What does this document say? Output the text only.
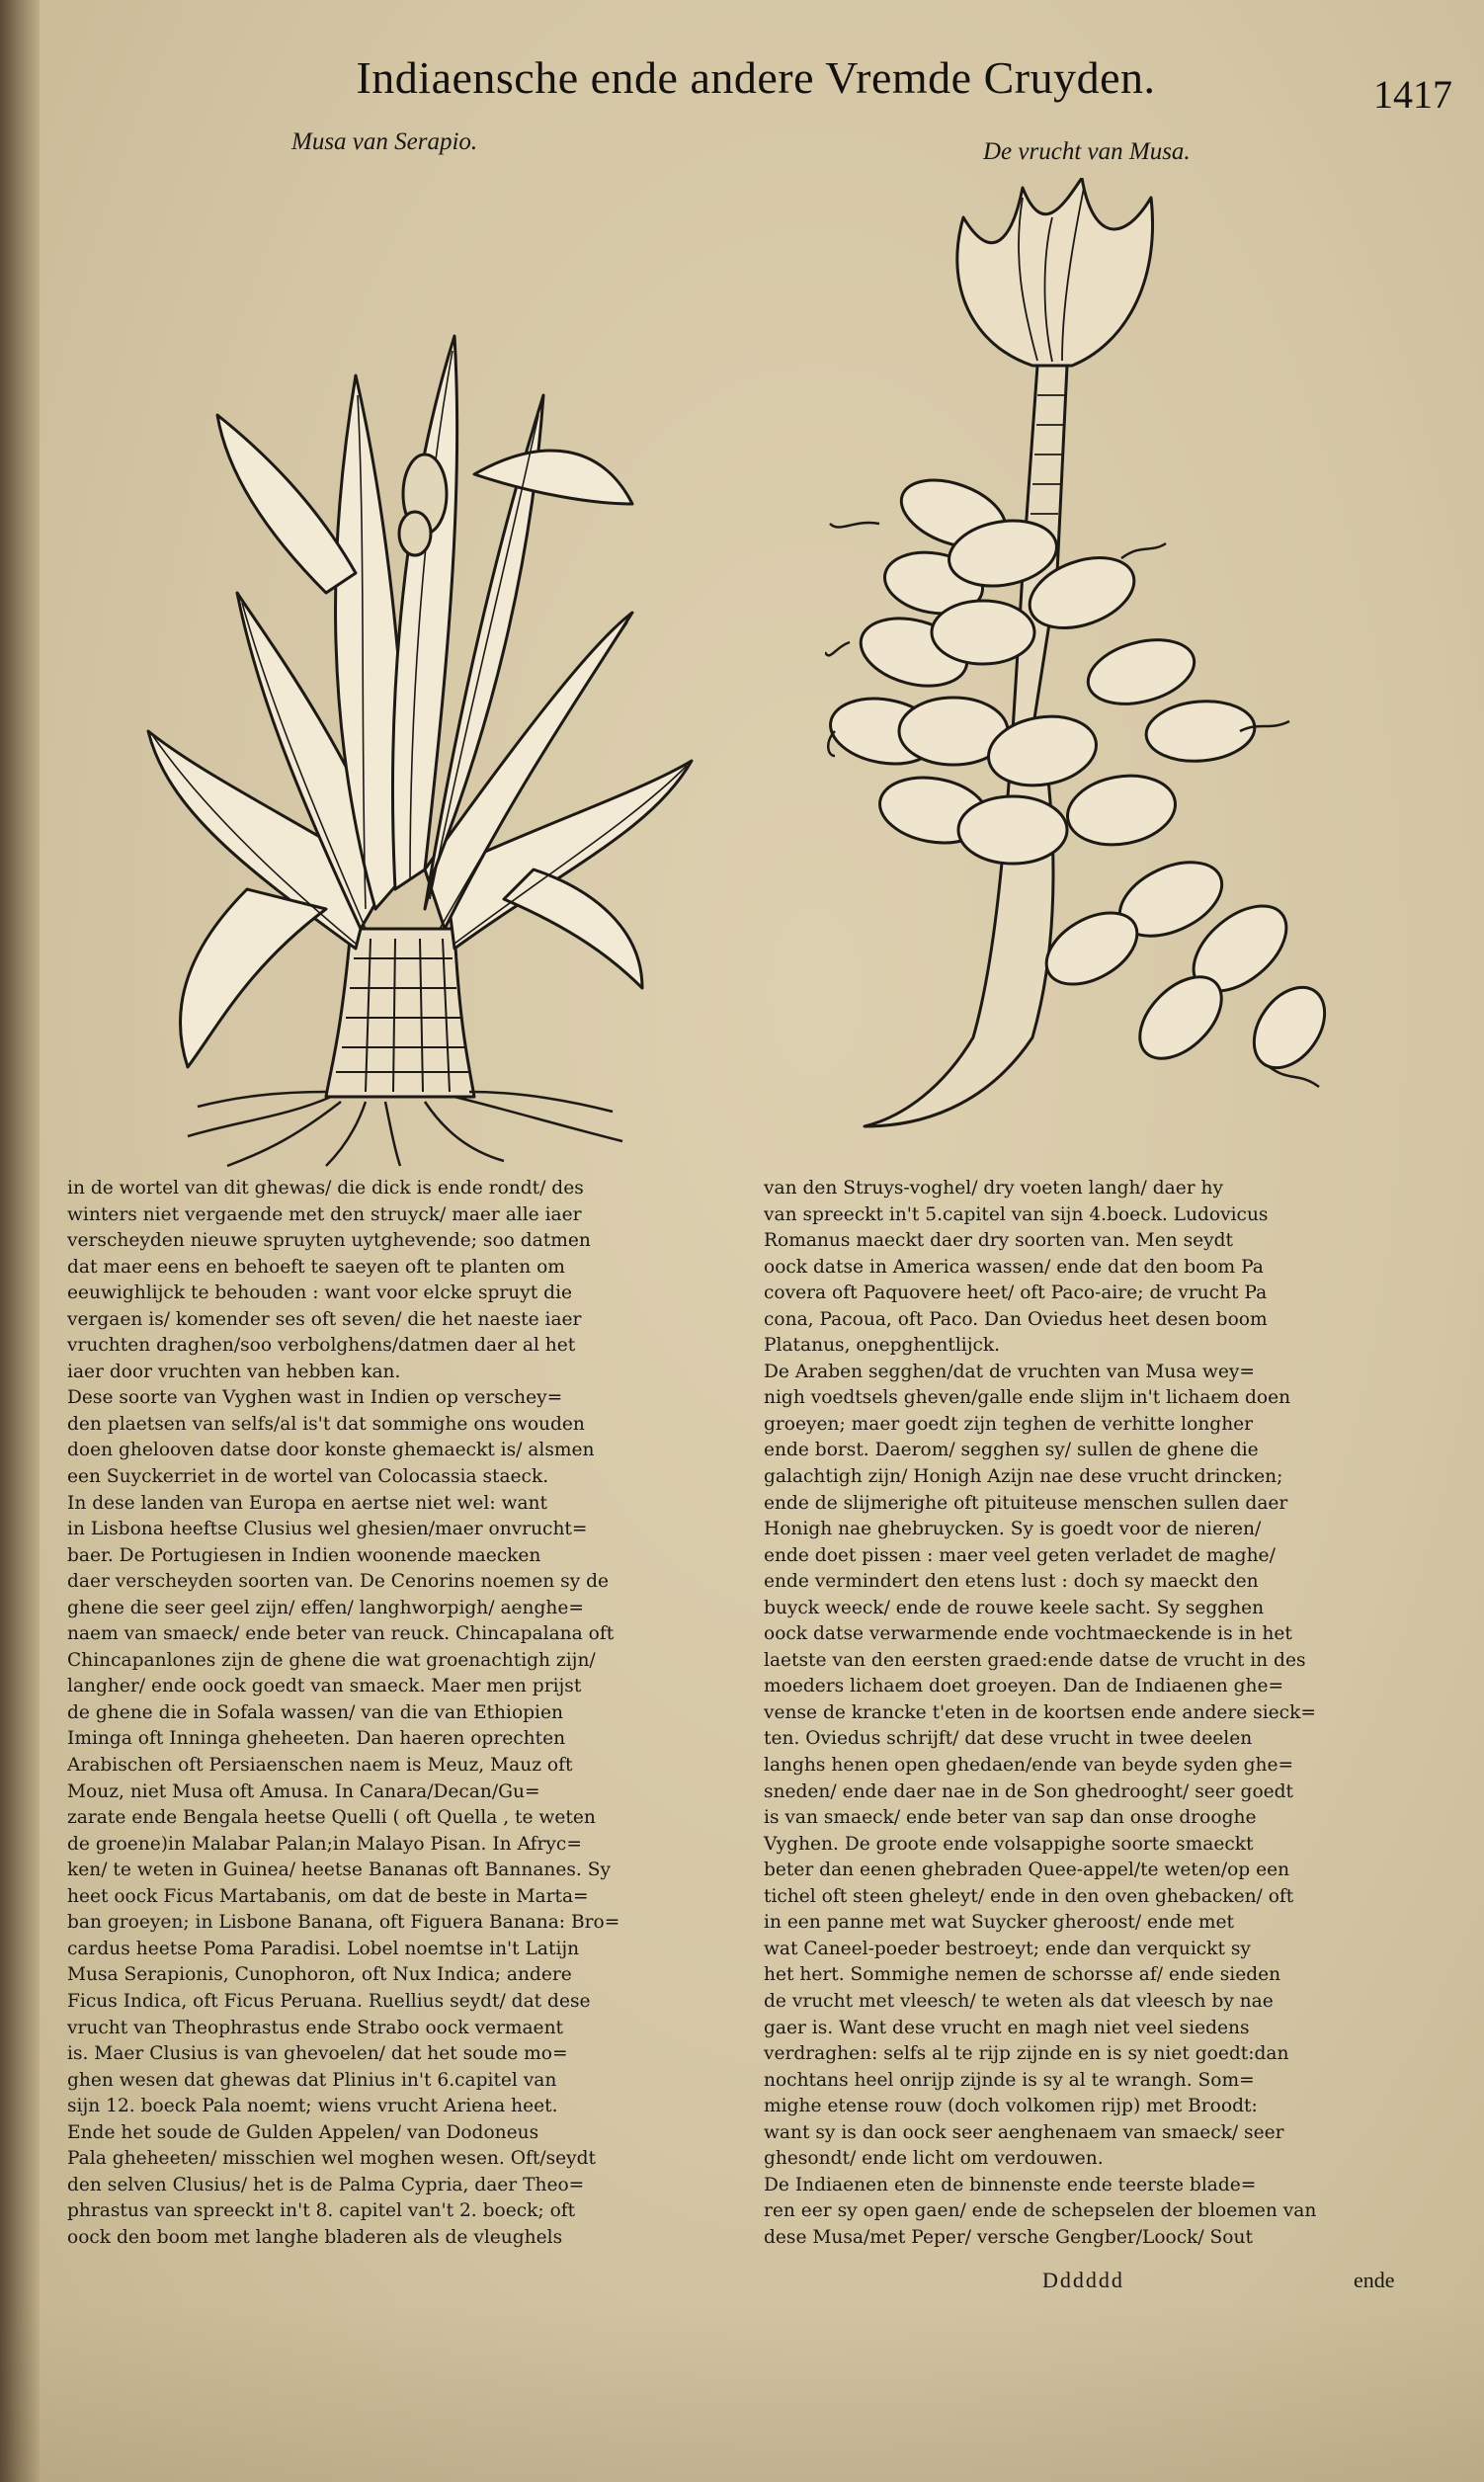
Indiaensche ende andere Vremde Cruyden.	1417
Musa van Serapio.	De vrucht van Musa.

in de wortel van dit ghewas/ die dick is ende rondt/ des

winters niet vergaende met den struyck/ maer alle iaer

verscheyden nieuwe spruyten uytghevende; soo datmen

dat maer eens en behoeft te saeyen oft te planten om

eeuwighlijck te behouden : want voor elcke spruyt die

vergaen is/ komender ses oft seven/ die het naeste iaer

vruchten draghen/soo verbolghens/datmen daer al het

iaer door vruchten van hebben kan.

Dese soorte van Vyghen wast in Indien op verschey=

den plaetsen van selfs/al is't dat sommighe ons wouden

doen ghelooven datse door konste ghemaeckt is/ alsmen

een Suyckerriet in de wortel van Colocassia staeck.

In dese landen van Europa en aertse niet wel: want

in Lisbona heeftse Clusius wel ghesien/maer onvrucht=

baer. De Portugiesen in Indien woonende maecken

daer verscheyden soorten van. De Cenorins noemen sy de

ghene die seer geel zijn/ effen/ langhworpigh/ aenghe=

naem van smaeck/ ende beter van reuck. Chincapalana oft

Chincapanlones zijn de ghene die wat groenachtigh zijn/

langher/ ende oock goedt van smaeck. Maer men prijst

de ghene die in Sofala wassen/ van die van Ethiopien

Iminga oft Inninga gheheeten. Dan haeren oprechten

Arabischen oft Persiaenschen naem is Meuz, Mauz oft

Mouz, niet Musa oft Amusa. In Canara/Decan/Gu=

zarate ende Bengala heetse Quelli ( oft Quella , te weten

de groene)in Malabar Palan;in Malayo Pisan. In Afryc=

ken/ te weten in Guinea/ heetse Bananas oft Bannanes. Sy

heet oock Ficus Martabanis, om dat de beste in Marta=

ban groeyen; in Lisbone Banana, oft Figuera Banana: Bro=

cardus heetse Poma Paradisi. Lobel noemtse in't Latijn

Musa Serapionis, Cunophoron, oft Nux Indica; andere

Ficus Indica, oft Ficus Peruana. Ruellius seydt/ dat dese

vrucht van Theophrastus ende Strabo oock vermaent

is. Maer Clusius is van ghevoelen/ dat het soude mo=

ghen wesen dat ghewas dat Plinius in't 6.capitel van

sijn 12. boeck Pala noemt; wiens vrucht Ariena heet.

Ende het soude de Gulden Appelen/ van Dodoneus

Pala gheheeten/ misschien wel moghen wesen. Oft/seydt

den selven Clusius/ het is de Palma Cypria, daer Theo=

phrastus van spreeckt in't 8. capitel van't 2. boeck; oft

oock den boom met langhe bladeren als de vleughels

van den Struys-voghel/ dry voeten langh/ daer hy

van spreeckt in't 5.capitel van sijn 4.boeck. Ludovicus

Romanus maeckt daer dry soorten van. Men seydt

oock datse in America wassen/ ende dat den boom Pa

covera oft Paquovere heet/ oft Paco-aire; de vrucht Pa

cona, Pacoua, oft Paco. Dan Oviedus heet desen boom

Platanus, onepghentlijck.

De Araben segghen/dat de vruchten van Musa wey=

nigh voedtsels gheven/galle ende slijm in't lichaem doen

groeyen; maer goedt zijn teghen de verhitte longher

ende borst. Daerom/ segghen sy/ sullen de ghene die

galachtigh zijn/ Honigh Azijn nae dese vrucht drincken;

ende de slijmerighe oft pituiteuse menschen sullen daer

Honigh nae ghebruycken. Sy is goedt voor de nieren/

ende doet pissen : maer veel geten verladet de maghe/

ende vermindert den etens lust : doch sy maeckt den

buyck weeck/ ende de rouwe keele sacht. Sy segghen

oock datse verwarmende ende vochtmaeckende is in het

laetste van den eersten graed:ende datse de vrucht in des

moeders lichaem doet groeyen. Dan de Indiaenen ghe=

vense de krancke t'eten in de koortsen ende andere sieck=

ten. Oviedus schrijft/ dat dese vrucht in twee deelen

langhs henen open ghedaen/ende van beyde syden ghe=

sneden/ ende daer nae in de Son ghedrooght/ seer goedt

is van smaeck/ ende beter van sap dan onse drooghe

Vyghen. De groote ende volsappighe soorte smaeckt

beter dan eenen ghebraden Quee-appel/te weten/op een

tichel oft steen gheleyt/ ende in den oven ghebacken/ oft

in een panne met wat Suycker gheroost/ ende met

wat Caneel-poeder bestroeyt; ende dan verquickt sy

het hert. Sommighe nemen de schorsse af/ ende sieden

de vrucht met vleesch/ te weten als dat vleesch by nae

gaer is. Want dese vrucht en magh niet veel siedens

verdraghen: selfs al te rijp zijnde en is sy niet goedt:dan

nochtans heel onrijp zijnde is sy al te wrangh. Som=

mighe etense rouw (doch volkomen rijp) met Broodt:

want sy is dan oock seer aenghenaem van smaeck/ seer

ghesondt/ ende licht om verdouwen.

De Indiaenen eten de binnenste ende teerste blade=

ren eer sy open gaen/ ende de schepselen der bloemen van

dese Musa/met Peper/ versche Gengber/Loock/ Sout

Dddddd	ende
